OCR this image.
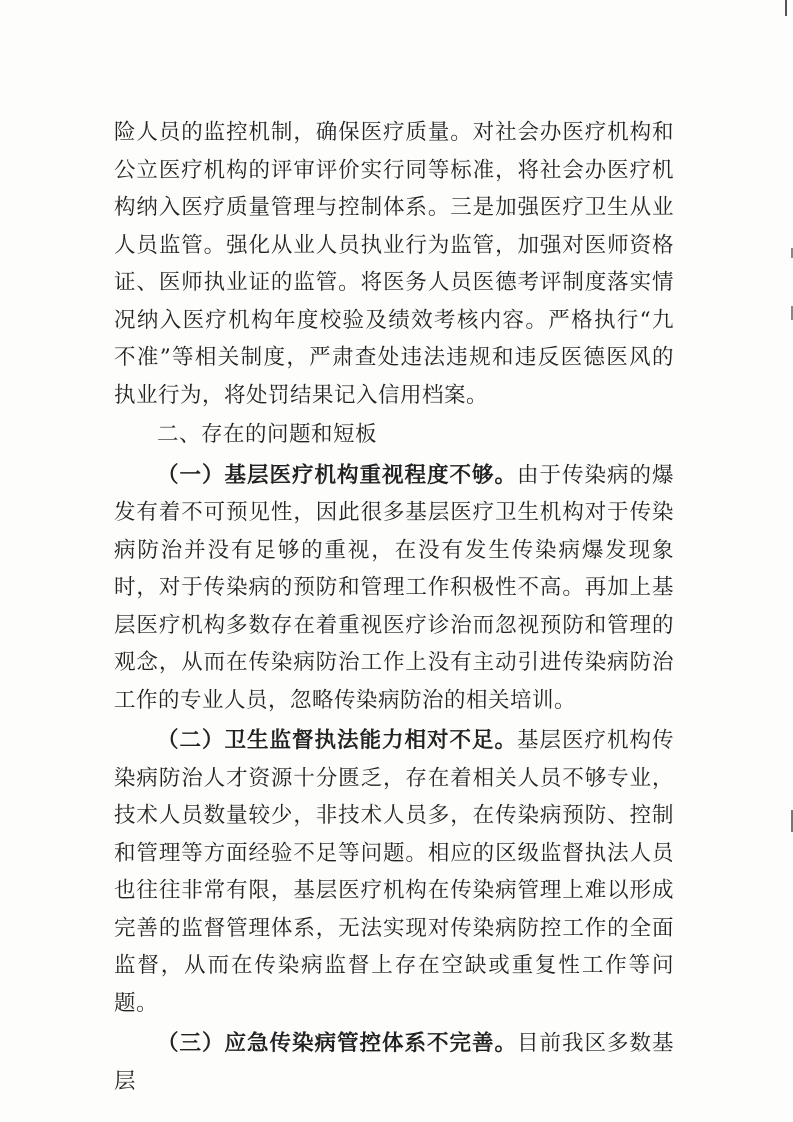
险人员的监控机制，确保医疗质量。对社会办医疗机构和公立医疗机构的评审评价实行同等标准，将社会办医疗机构纳入医疗质量管理与控制体系。三是加强医疗卫生从业人员监管。强化从业人员执业行为监管，加强对医师资格证、医师执业证的监管。将医务人员医德考评制度落实情况纳入医疗机构年度校验及绩效考核内容。严格执行“九不准”等相关制度，严肃查处违法违规和违反医德医风的执业行为，将处罚结果记入信用档案。

二、存在的问题和短板

（一）基层医疗机构重视程度不够。由于传染病的爆发有着不可预见性，因此很多基层医疗卫生机构对于传染病防治并没有足够的重视，在没有发生传染病爆发现象时，对于传染病的预防和管理工作积极性不高。再加上基层医疗机构多数存在着重视医疗诊治而忽视预防和管理的观念，从而在传染病防治工作上没有主动引进传染病防治工作的专业人员，忽略传染病防治的相关培训。

（二）卫生监督执法能力相对不足。基层医疗机构传染病防治人才资源十分匮乏，存在着相关人员不够专业，技术人员数量较少，非技术人员多，在传染病预防、控制和管理等方面经验不足等问题。相应的区级监督执法人员也往往非常有限，基层医疗机构在传染病管理上难以形成完善的监督管理体系，无法实现对传染病防控工作的全面监督，从而在传染病监督上存在空缺或重复性工作等问题。

（三）应急传染病管控体系不完善。目前我区多数基层
